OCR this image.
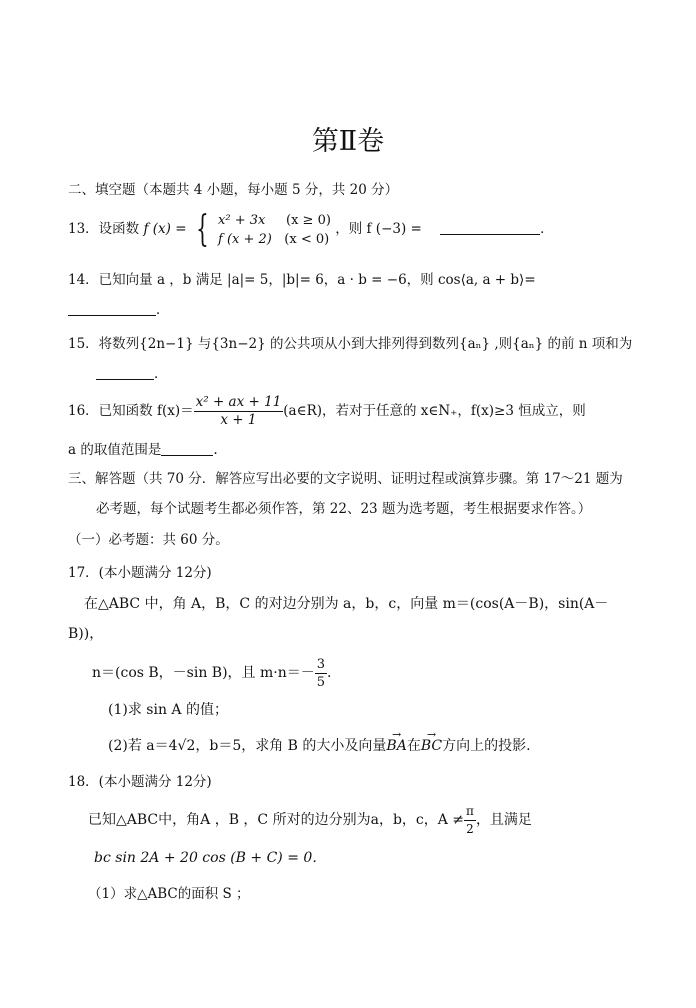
第Ⅱ卷
二、填空题（本题共 4 小题，每小题 5 分，共 20 分）
13．设函数 f (x) = { x² + 3x (x ≥ 0)
f (x + 2) (x < 0)
，则 f (−3) =	．
14．已知向量 a ，b 满足 |a|= 5，|b|= 6，a · b = −6，则 cos⟨a, a + b⟩=
．
15．将数列{2n−1} 与{3n−2} 的公共项从小到大排列得到数列{aₙ} ,则{aₙ} 的前 n 项和为
．
16．已知函数 $f(x)= \frac{\text{x² + ax + 11}}{x + 1}$ (a∈R)，若对于任意的 x∈N₊，f(x)≥3 恒成立，则
a 的取值范围是	.
三、解答题（共 70 分．解答应写出必要的文字说明、证明过程或演算步骤。第 17～21 题为
必考题，每个试题考生都必须作答，第 22、23 题为选考题，考生根据要求作答。）
（一）必考题：共 60 分。
17．(本小题满分 12分)
在△ABC 中，角 A，B，C 的对边分别为 a，b，c，向量 m＝(cos(A－B)，sin(A－
B))，
n＝(cos B，－sin B)，且 $m\cdot n=- \frac{3}{5}$ .
(1)求 sin A 的值；
(2)若 a＝4√2，b＝5，求角 B 的大小及向量→ BA在→ BC方向上的投影.
18．(本小题满分 12分)
已知△ABC中，角A ，B ，C 所对的边分别为a，b，c，$A \ne \frac{\pi}{2}$ ，且满足
bc sin 2A + 20 cos (B + C) = 0．
（1）求△ABC的面积 S ；
